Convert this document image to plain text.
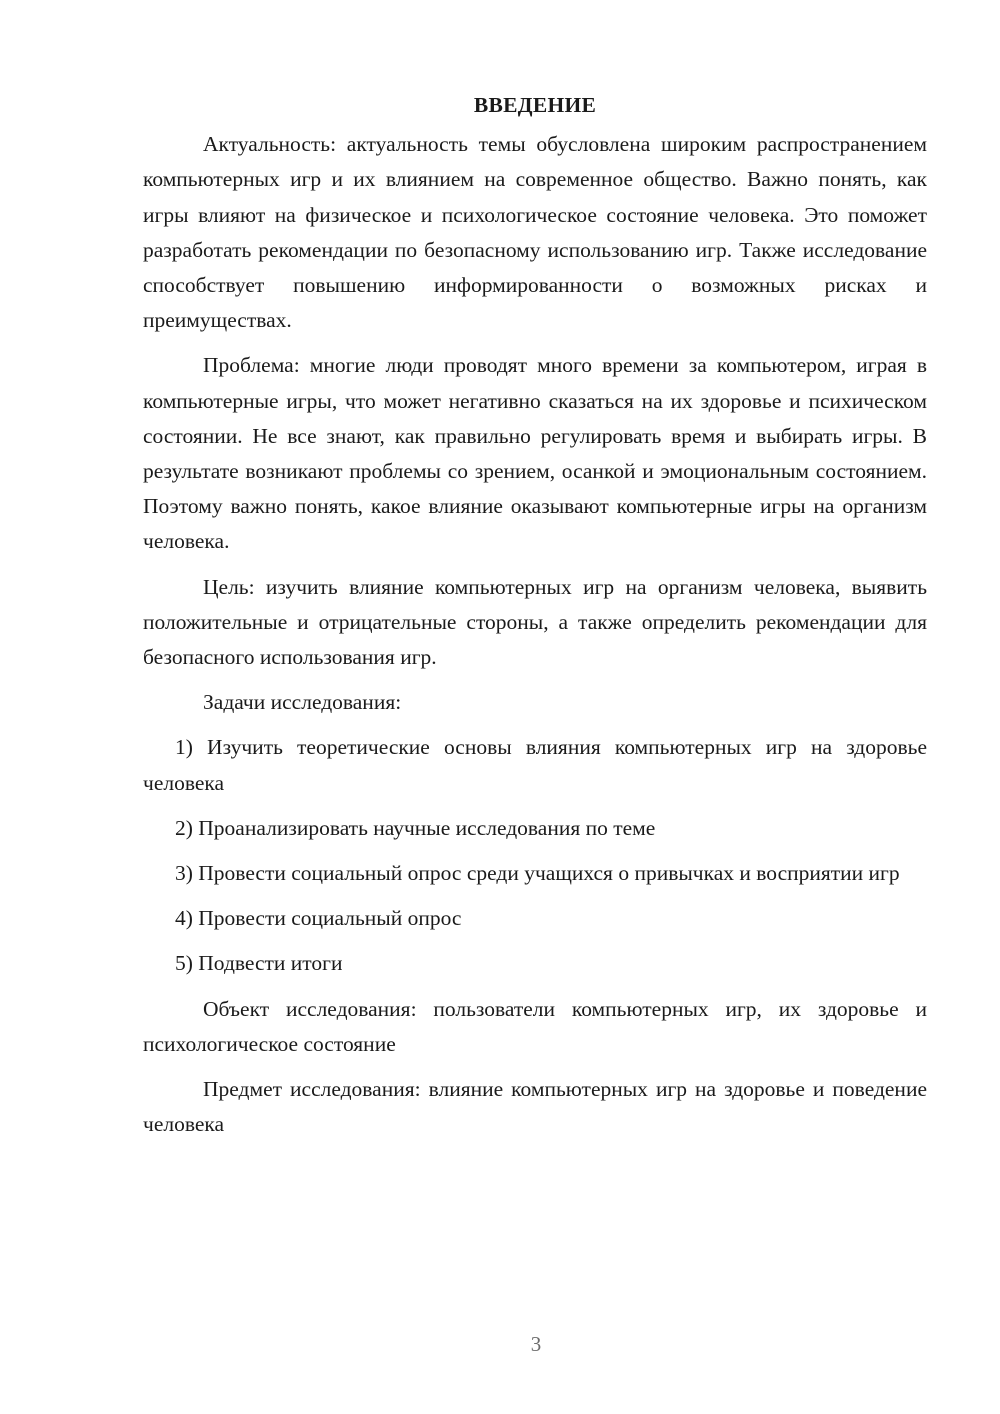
ВВЕДЕНИЕ

Актуальность: актуальность темы обусловлена широким распространением компьютерных игр и их влиянием на современное общество. Важно понять, как игры влияют на физическое и психологическое состояние человека. Это поможет разработать рекомендации по безопасному использованию игр. Также исследование способствует повышению информированности о возможных рисках и преимуществах.

Проблема: многие люди проводят много времени за компьютером, играя в компьютерные игры, что может негативно сказаться на их здоровье и психическом состоянии. Не все знают, как правильно регулировать время и выбирать игры. В результате возникают проблемы со зрением, осанкой и эмоциональным состоянием. Поэтому важно понять, какое влияние оказывают компьютерные игры на организм человека.

Цель: изучить влияние компьютерных игр на организм человека, выявить положительные и отрицательные стороны, а также определить рекомендации для безопасного использования игр.

Задачи исследования:

1) Изучить теоретические основы влияния компьютерных игр на здоровье человека

2) Проанализировать научные исследования по теме

3) Провести социальный опрос среди учащихся о привычках и восприятии игр

4) Провести социальный опрос

5) Подвести итоги

Объект исследования: пользователи компьютерных игр, их здоровье и психологическое состояние

Предмет исследования: влияние компьютерных игр на здоровье и поведение человека

3
